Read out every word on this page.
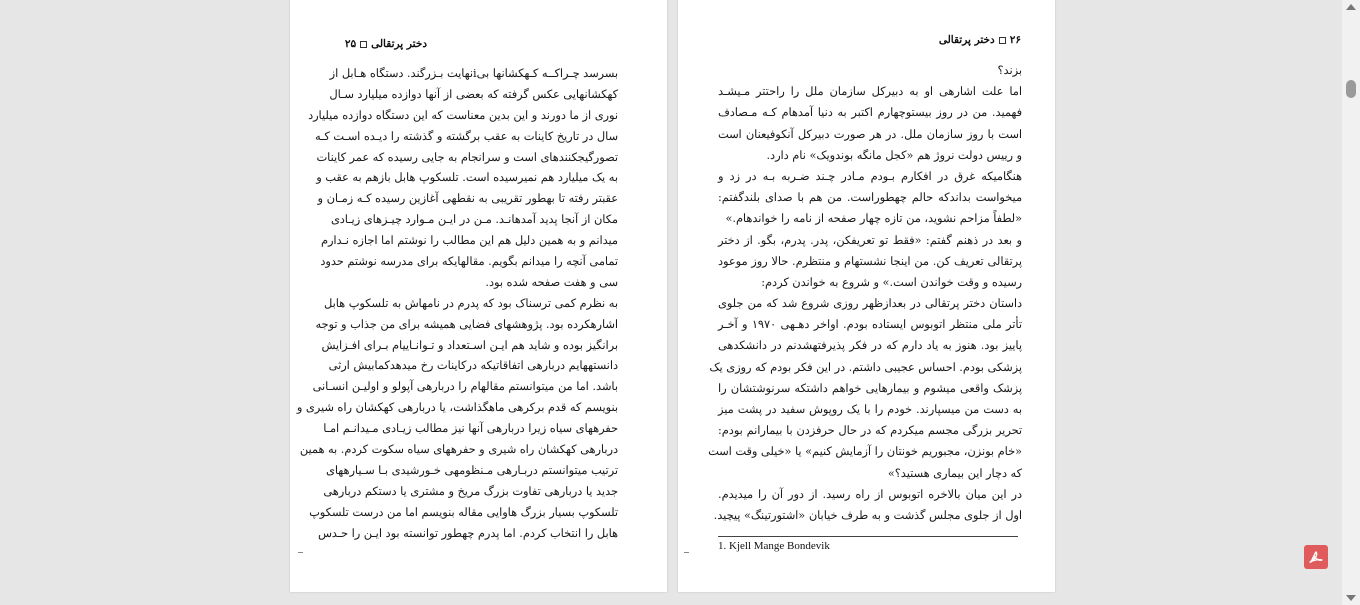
دختر پرتقالی
۲۵
بسرسد چـراکــه کـهکشانها بیiنهایت بـزرگند. دستگاه هـابل از
کهکشانهایی عکس گرفته که بعضی از آنها دوازده میلیارد سـال
نوری از ما دورند و این بدین معناست که این دستگاه دوازده میلیارد
سال در تاریخ کاینات به عقب برگشته و گذشته را دیـده اسـت کـه
تصورگیجکنندهای است و سرانجام به جایی رسیده که عمر کاینات
به یک میلیارد هم نمیرسیده است. تلسکوپ هابل بازهم به عقب و
عقبتر رفته تا بهطور تقریبی به نقطهی آغازین رسیده کـه زمـان و
مکان از آنجا پدید آمدهانـد. مـن در ایـن مـوارد چیـزهای زیـادی
میدانم و به همین دلیل هم این مطالب را نوشتم اما اجازه نـدارم
تمامی آنچه را میدانم بگویم. مقالهایکه برای مدرسه نوشتم حدود
سی و هفت صفحه شده بود.
به نظرم کمی ترسناک بود که پدرم در نامهاش به تلسکوپ هابل
اشارهکرده بود. پژوهشهای فضایی همیشه برای من جذاب و توجه
برانگیز بوده و شاید هم ایـن اسـتعداد و تـوانـاییام بـرای افـزایش
دانستههایم دربارهی اتفاقاتیکه درکاینات رخ میدهدکمابیش ارثی
باشد. اما من میتوانستم مقالهام را دربارهی آپولو و اولیـن انسـانی
بنویسم که قدم برکرهی ماهگذاشت، یا دربارهی کهکشان راه شیری و
حفرههای سیاه زیرا دربارهی آنها نیز مطالب زیـادی مـیدانـم امـا
دربارهی کهکشان راه شیری و حفرههای سیاه سکوت کردم. به همین
ترتیب میتوانستم دربـارهی مـنظومهی خـورشیدی بـا سـیارههای
جدید یا دربارهی تفاوت بزرگ مریخ و مشتری یا دستکم دربارهی
تلسکوپ بسیار بزرگ هاوایی مقاله بنویسم اما من درست تلسکوپ
هابل را انتخاب کردم. اما پدرم چهطور توانسته بود ایـن را حـدس
۲۶
دختر پرتقالی
بزند؟
اما علت اشارهی او به دبیرکل سازمان ملل را راحتتر مـیشـد
فهمید. من در روز بیستوچهارم اکتبر به دنیا آمدهام کـه مـصادف
است با روز سازمان ملل. در هر صورت دبیرکل آنکوفیعنان است
و رییس دولت نروژ هم «کجل مانگه بوندویک» نام دارد.
هنگامیکه غرق در افکارم بـودم مـادر چـند ضـربه بـه در زد و
میخواست بداندکه حالم چهطوراست. من هم با صدای بلندگفتم:
«لطفاً مزاحم نشوید، من تازه چهار صفحه از نامه را خواندهام.»
و بعد در ذهنم گفتم: «فقط تو تعریفکن، پدر. پدرم، بگو. از دختر
پرتقالی تعریف کن. من اینجا نشستهام و منتظرم. حالا روز موعود
رسیده و وقت خواندن است.» و شروع به خواندن کردم:
داستان دختر پرتقالی در بعدازظهر روزی شروع شد که من جلوی
تأتر ملی منتظر اتوبوس ایستاده بودم. اواخر دهـهی ۱۹۷۰ و آخـر
پاییز بود. هنوز به یاد دارم که در فکر پذیرفتهشدنم در دانشکدهی
پزشکی بودم. احساس عجیبی داشتم. در این فکر بودم که روزی یک
پزشک واقعی میشوم و بیمارهایی خواهم داشتکه سرنوشتشان را
به دست من میسپارند. خودم را با یک روپوش سفید در پشت میز
تحریر بزرگی مجسم میکردم که در حال حرفزدن با بیمارانم بودم:
«خام بونزن، مجبوریم خونتان را آزمایش کنیم» یا «خیلی وقت است
که دچار این بیماری هستید؟»
در این میان بالاخره اتوبوس از راه رسید. از دور آن را میدیدم.
اول از جلوی مجلس گذشت و به طرف خیابان «اشتورتینگ» پیچید.
1. Kjell Mange Bondevik
